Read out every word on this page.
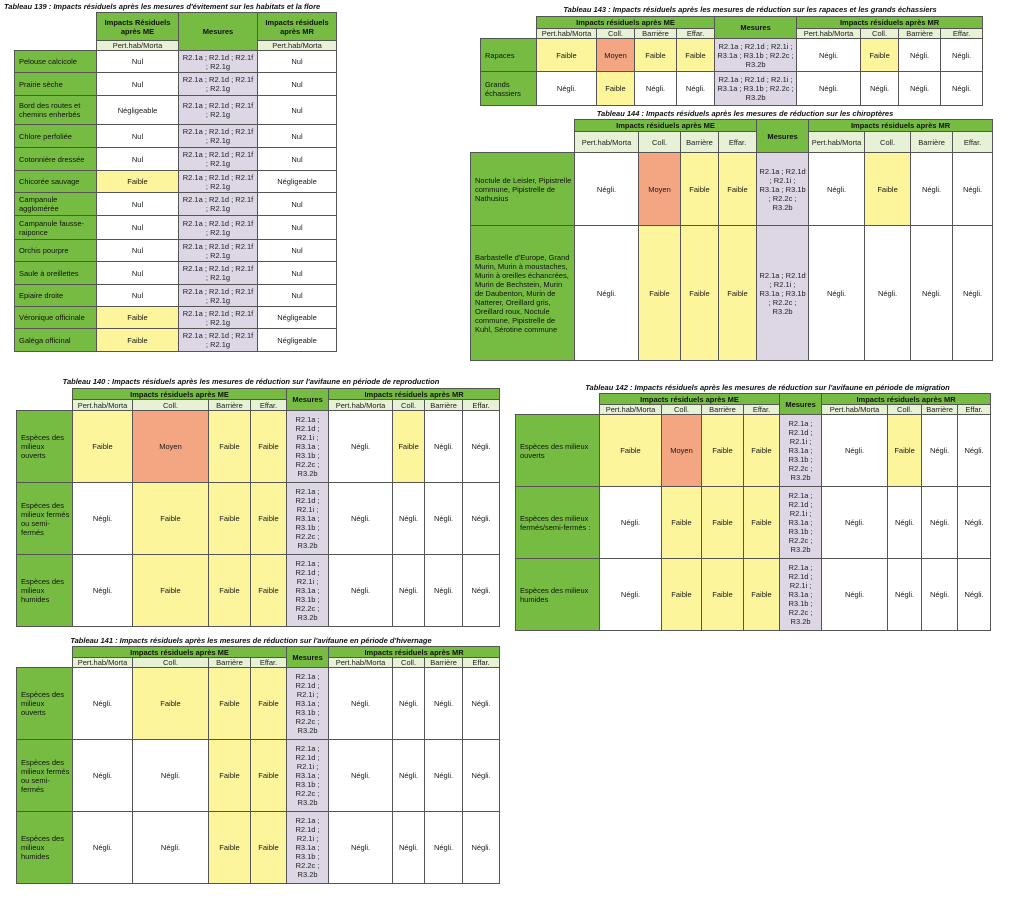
Tableau 139 : Impacts résiduels après les mesures d'évitement sur les habitats et la flore
	Impacts Résiduels après ME	Mesures	Impacts résiduels après MR
	Pert.hab/Morta		Pert.hab/Morta
Pelouse calcicole	Nul	R2.1a ; R2.1d ; R2.1f ; R2.1g	Nul
Prairie sèche	Nul	R2.1a ; R2.1d ; R2.1f ; R2.1g	Nul
Bord des routes et chemins enherbés	Négligeable	R2.1a ; R2.1d ; R2.1f ; R2.1g	Nul
Chlore perfoliée	Nul	R2.1a ; R2.1d ; R2.1f ; R2.1g	Nul
Cotonnière dressée	Nul	R2.1a ; R2.1d ; R2.1f ; R2.1g	Nul
Chicorée sauvage	Faible	R2.1a ; R2.1d ; R2.1f ; R2.1g	Négligeable
Campanule agglomérée	Nul	R2.1a ; R2.1d ; R2.1f ; R2.1g	Nul
Campanule fausse-raiponce	Nul	R2.1a ; R2.1d ; R2.1f ; R2.1g	Nul
Orchis pourpre	Nul	R2.1a ; R2.1d ; R2.1f ; R2.1g	Nul
Saule à oreillettes	Nul	R2.1a ; R2.1d ; R2.1f ; R2.1g	Nul
Epiaire droite	Nul	R2.1a ; R2.1d ; R2.1f ; R2.1g	Nul
Véronique officinale	Faible	R2.1a ; R2.1d ; R2.1f ; R2.1g	Négligeable
Galéga officinal	Faible	R2.1a ; R2.1d ; R2.1f ; R2.1g	Négligeable
Tableau 143 : Impacts résiduels après les mesures de réduction sur les rapaces et les grands échassiers
	Impacts résiduels après ME				Mesures	Impacts résiduels après MR			
	Pert.hab/Morta	Coll.	Barrière	Effar.		Pert.hab/Morta	Coll.	Barrière	Effar.
Rapaces	Faible	Moyen	Faible	Faible	R2.1a ; R2.1d ; R2.1i ; R3.1a ; R3.1b ; R2.2c ; R3.2b	Négli.	Faible	Négli.	Négli.
Grands échassiers	Négli.	Faible	Négli.	Négli.	R2.1a ; R2.1d ; R2.1i ; R3.1a ; R3.1b ; R2.2c ; R3.2b	Négli.	Négli.	Négli.	Négli.
Tableau 144 : Impacts résiduels après les mesures de réduction sur les chiroptères
	Impacts résiduels après ME				Mesures	Impacts résiduels après MR			
	Pert.hab/Morta	Coll.	Barrière	Effar.		Pert.hab/Morta	Coll.	Barrière	Effar.
Noctule de Leisler, Pipistrelle commune, Pipistrelle de Nathusius	Négli.	Moyen	Faible	Faible	R2.1a ; R2.1d ; R2.1i ; R3.1a ; R3.1b ; R2.2c ; R3.2b	Négli.	Faible	Négli.	Négli.
Barbastelle d'Europe, Grand Murin, Murin à moustaches, Murin à oreilles échancrées, Murin de Bechstein, Murin de Daubenton, Murin de Natterer, Oreillard gris, Oreillard roux, Noctule commune, Pipistrelle de Kuhl, Sérotine commune	Négli.	Faible	Faible	Faible	R2.1a ; R2.1d ; R2.1i ; R3.1a ; R3.1b ; R2.2c ; R3.2b	Négli.	Négli.	Négli.	Négli.
Tableau 140 : Impacts résiduels après les mesures de réduction sur l'avifaune en période de reproduction
	Impacts résiduels après ME				Mesures	Impacts résiduels après MR			
	Pert.hab/Morta	Coll.	Barrière	Effar.		Pert.hab/Morta	Coll.	Barrière	Effar.
Espèces des milieux ouverts	Faible	Moyen	Faible	Faible	R2.1a ; R2.1d ; R2.1i ; R3.1a ; R3.1b ; R2.2c ; R3.2b	Négli.	Faible	Négli.	Négli.
Espèces des milieux fermés ou semi-fermés	Négli.	Faible	Faible	Faible	R2.1a ; R2.1d ; R2.1i ; R3.1a ; R3.1b ; R2.2c ; R3.2b	Négli.	Négli.	Négli.	Négli.
Espèces des milieux humides	Négli.	Faible	Faible	Faible	R2.1a ; R2.1d ; R2.1i ; R3.1a ; R3.1b ; R2.2c ; R3.2b	Négli.	Négli.	Négli.	Négli.
Tableau 142 : Impacts résiduels après les mesures de réduction sur l'avifaune en période de migration
	Impacts résiduels après ME				Mesures	Impacts résiduels après MR			
	Pert.hab/Morta	Coll.	Barrière	Effar.		Pert.hab/Morta	Coll.	Barrière	Effar.
Espèces des milieux ouverts	Faible	Moyen	Faible	Faible	R2.1a ; R2.1d ; R2.1i ; R3.1a ; R3.1b ; R2.2c ; R3.2b	Négli.	Faible	Négli.	Négli.
Espèces des milieux fermés/semi-fermés :	Négli.	Faible	Faible	Faible	R2.1a ; R2.1d ; R2.1i ; R3.1a ; R3.1b ; R2.2c ; R3.2b	Négli.	Négli.	Négli.	Négli.
Espèces des milieux humides	Négli.	Faible	Faible	Faible	R2.1a ; R2.1d ; R2.1i ; R3.1a ; R3.1b ; R2.2c ; R3.2b	Négli.	Négli.	Négli.	Négli.
Tableau 141 : Impacts résiduels après les mesures de réduction sur l'avifaune en période d'hivernage
	Impacts résiduels après ME				Mesures	Impacts résiduels après MR			
	Pert.hab/Morta	Coll.	Barrière	Effar.		Pert.hab/Morta	Coll.	Barrière	Effar.
Espèces des milieux ouverts	Négli.	Faible	Faible	Faible	R2.1a ; R2.1d ; R2.1i ; R3.1a ; R3.1b ; R2.2c ; R3.2b	Négli.	Négli.	Négli.	Négli.
Espèces des milieux fermés ou semi-fermés	Négli.	Négli.	Faible	Faible	R2.1a ; R2.1d ; R2.1i ; R3.1a ; R3.1b ; R2.2c ; R3.2b	Négli.	Négli.	Négli.	Négli.
Espèces des milieux humides	Négli.	Négli.	Faible	Faible	R2.1a ; R2.1d ; R2.1i ; R3.1a ; R3.1b ; R2.2c ; R3.2b	Négli.	Négli.	Négli.	Négli.
